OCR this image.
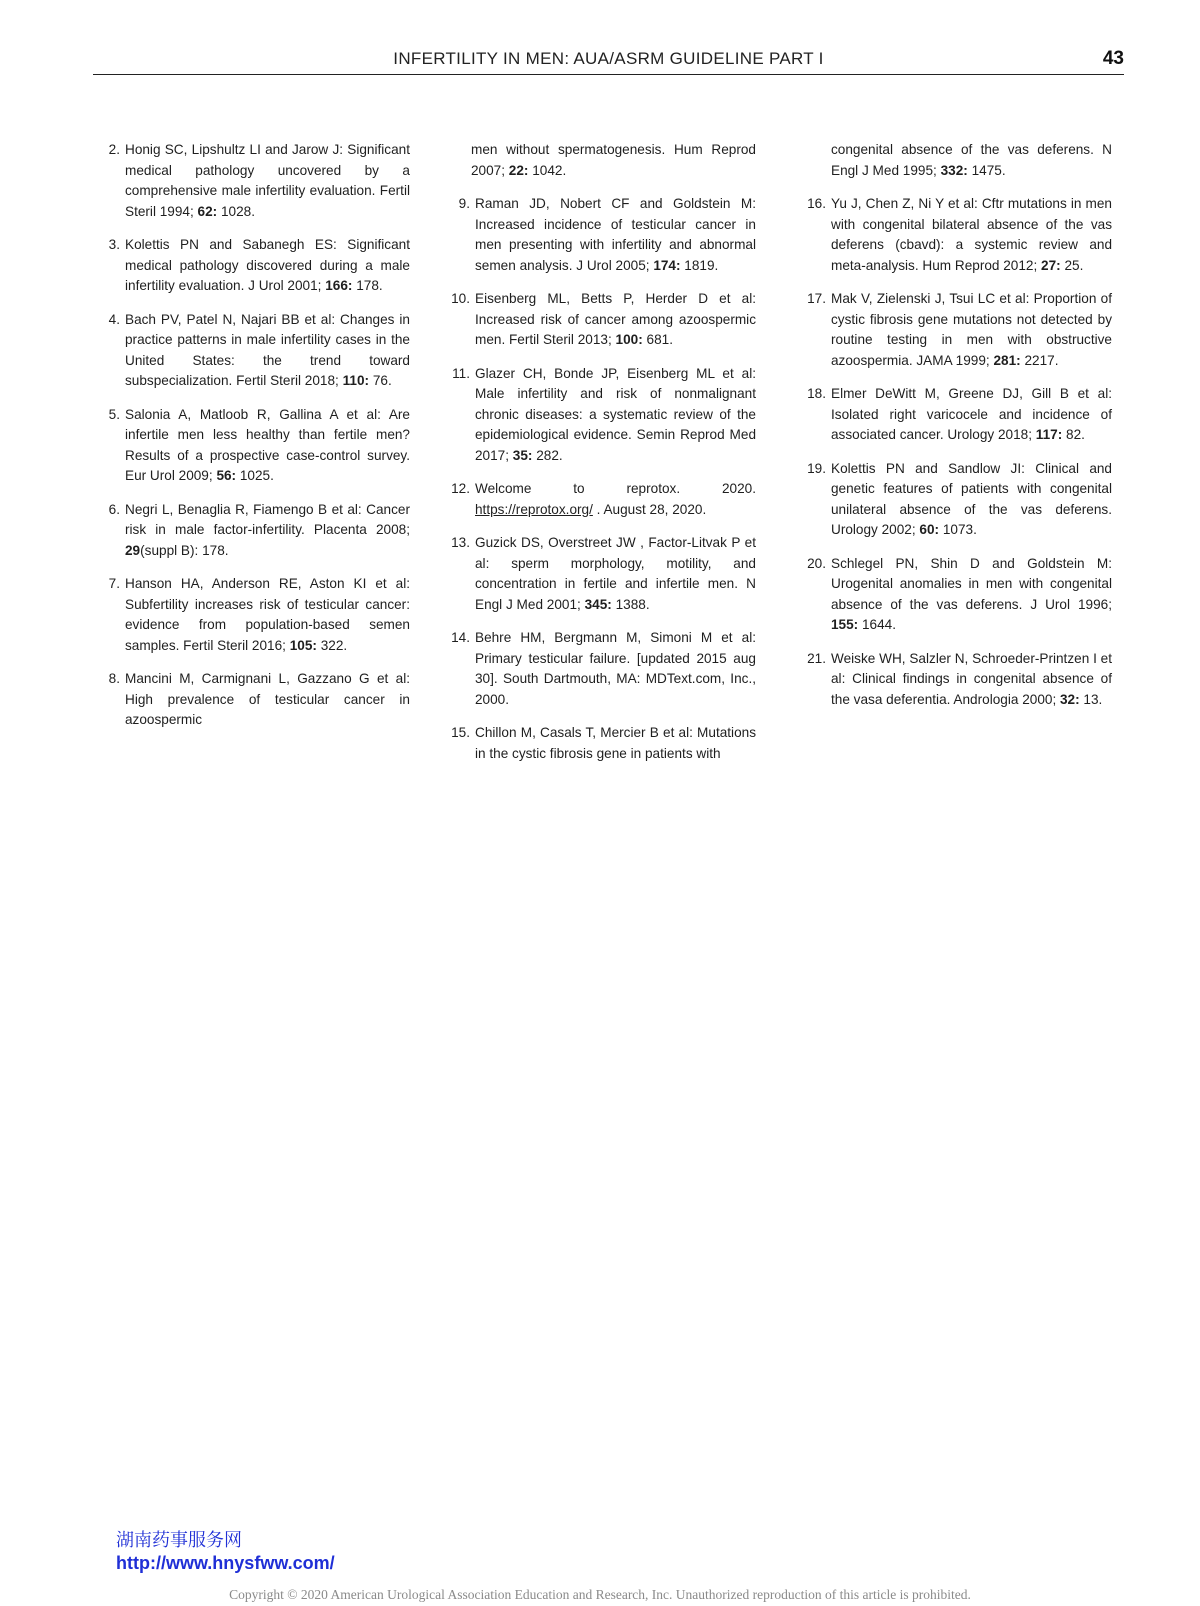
INFERTILITY IN MEN: AUA/ASRM GUIDELINE PART I	43
2. Honig SC, Lipshultz LI and Jarow J: Significant medical pathology uncovered by a comprehensive male infertility evaluation. Fertil Steril 1994; 62: 1028.
3. Kolettis PN and Sabanegh ES: Significant medical pathology discovered during a male infertility evaluation. J Urol 2001; 166: 178.
4. Bach PV, Patel N, Najari BB et al: Changes in practice patterns in male infertility cases in the United States: the trend toward subspecialization. Fertil Steril 2018; 110: 76.
5. Salonia A, Matloob R, Gallina A et al: Are infertile men less healthy than fertile men? Results of a prospective case-control survey. Eur Urol 2009; 56: 1025.
6. Negri L, Benaglia R, Fiamengo B et al: Cancer risk in male factor-infertility. Placenta 2008; 29(suppl B): 178.
7. Hanson HA, Anderson RE, Aston KI et al: Subfertility increases risk of testicular cancer: evidence from population-based semen samples. Fertil Steril 2016; 105: 322.
8. Mancini M, Carmignani L, Gazzano G et al: High prevalence of testicular cancer in azoospermic
men without spermatogenesis. Hum Reprod 2007; 22: 1042.
9. Raman JD, Nobert CF and Goldstein M: Increased incidence of testicular cancer in men presenting with infertility and abnormal semen analysis. J Urol 2005; 174: 1819.
10. Eisenberg ML, Betts P, Herder D et al: Increased risk of cancer among azoospermic men. Fertil Steril 2013; 100: 681.
11. Glazer CH, Bonde JP, Eisenberg ML et al: Male infertility and risk of nonmalignant chronic diseases: a systematic review of the epidemiological evidence. Semin Reprod Med 2017; 35: 282.
12. Welcome to reprotox. 2020. https://reprotox.org/ . August 28, 2020.
13. Guzick DS, Overstreet JW , Factor-Litvak P et al: sperm morphology, motility, and concentration in fertile and infertile men. N Engl J Med 2001; 345: 1388.
14. Behre HM, Bergmann M, Simoni M et al: Primary testicular failure. [updated 2015 aug 30]. South Dartmouth, MA: MDText.com, Inc., 2000.
15. Chillon M, Casals T, Mercier B et al: Mutations in the cystic fibrosis gene in patients with
congenital absence of the vas deferens. N Engl J Med 1995; 332: 1475.
16. Yu J, Chen Z, Ni Y et al: Cftr mutations in men with congenital bilateral absence of the vas deferens (cbavd): a systemic review and meta-analysis. Hum Reprod 2012; 27: 25.
17. Mak V, Zielenski J, Tsui LC et al: Proportion of cystic fibrosis gene mutations not detected by routine testing in men with obstructive azoospermia. JAMA 1999; 281: 2217.
18. Elmer DeWitt M, Greene DJ, Gill B et al: Isolated right varicocele and incidence of associated cancer. Urology 2018; 117: 82.
19. Kolettis PN and Sandlow JI: Clinical and genetic features of patients with congenital unilateral absence of the vas deferens. Urology 2002; 60: 1073.
20. Schlegel PN, Shin D and Goldstein M: Urogenital anomalies in men with congenital absence of the vas deferens. J Urol 1996; 155: 1644.
21. Weiske WH, Salzler N, Schroeder-Printzen I et al: Clinical findings in congenital absence of the vasa deferentia. Andrologia 2000; 32: 13.
湖南药事服务网
http://www.hnysfww.com/
Copyright © 2020 American Urological Association Education and Research, Inc. Unauthorized reproduction of this article is prohibited.
